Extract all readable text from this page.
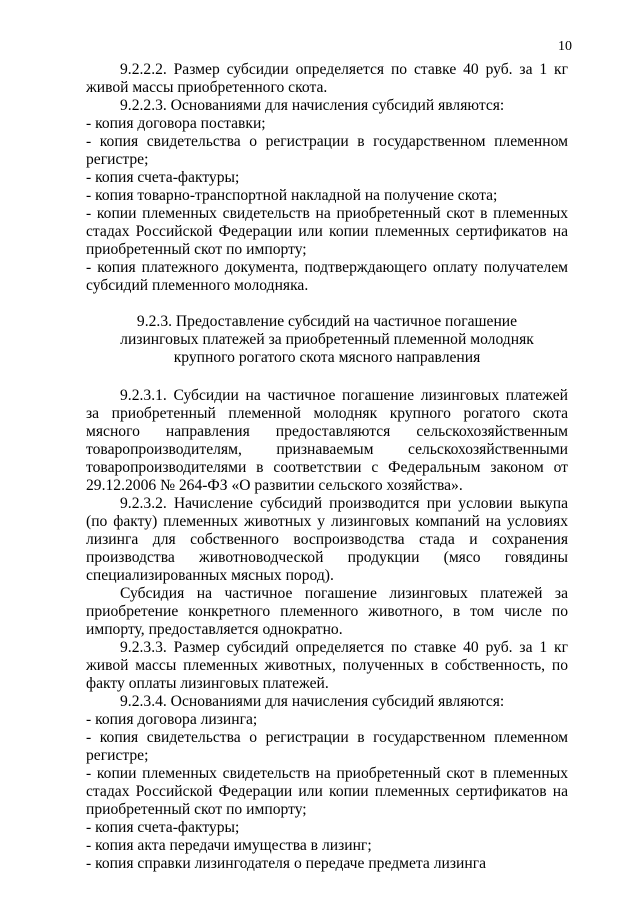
10

9.2.2.2. Размер субсидии определяется по ставке 40 руб. за 1 кг живой массы приобретенного скота.

9.2.2.3. Основаниями для начисления субсидий являются:

- копия договора поставки;

- копия свидетельства о регистрации в государственном племенном регистре;

- копия счета-фактуры;

- копия товарно-транспортной накладной на получение скота;

- копии племенных свидетельств на приобретенный скот в племенных стадах Российской Федерации или копии племенных сертификатов на приобретенный скот по импорту;

- копия платежного документа, подтверждающего оплату получателем субсидий племенного молодняка.

9.2.3. Предоставление субсидий на частичное погашение

лизинговых платежей за приобретенный племенной молодняк

крупного рогатого скота мясного направления

9.2.3.1. Субсидии на частичное погашение лизинговых платежей за приобретенный племенной молодняк крупного рогатого скота мясного направления предоставляются сельскохозяйственным товаропроизводителям, признаваемым сельскохозяйственными товаропроизводителями в соответствии с Федеральным законом от 29.12.2006 № 264-ФЗ «О развитии сельского хозяйства».

9.2.3.2. Начисление субсидий производится при условии выкупа (по факту) племенных животных у лизинговых компаний на условиях лизинга для собственного воспроизводства стада и сохранения производства животноводческой продукции (мясо говядины специализированных мясных пород).

Субсидия на частичное погашение лизинговых платежей за приобретение конкретного племенного животного, в том числе по импорту, предоставляется однократно.

9.2.3.3. Размер субсидий определяется по ставке 40 руб. за 1 кг живой массы племенных животных, полученных в собственность, по факту оплаты лизинговых платежей.

9.2.3.4. Основаниями для начисления субсидий являются:

- копия договора лизинга;

- копия свидетельства о регистрации в государственном племенном регистре;

- копии племенных свидетельств на приобретенный скот в племенных стадах Российской Федерации или копии племенных сертификатов на приобретенный скот по импорту;

- копия счета-фактуры;

- копия акта передачи имущества в лизинг;

- копия справки лизингодателя о передаче предмета лизинга
